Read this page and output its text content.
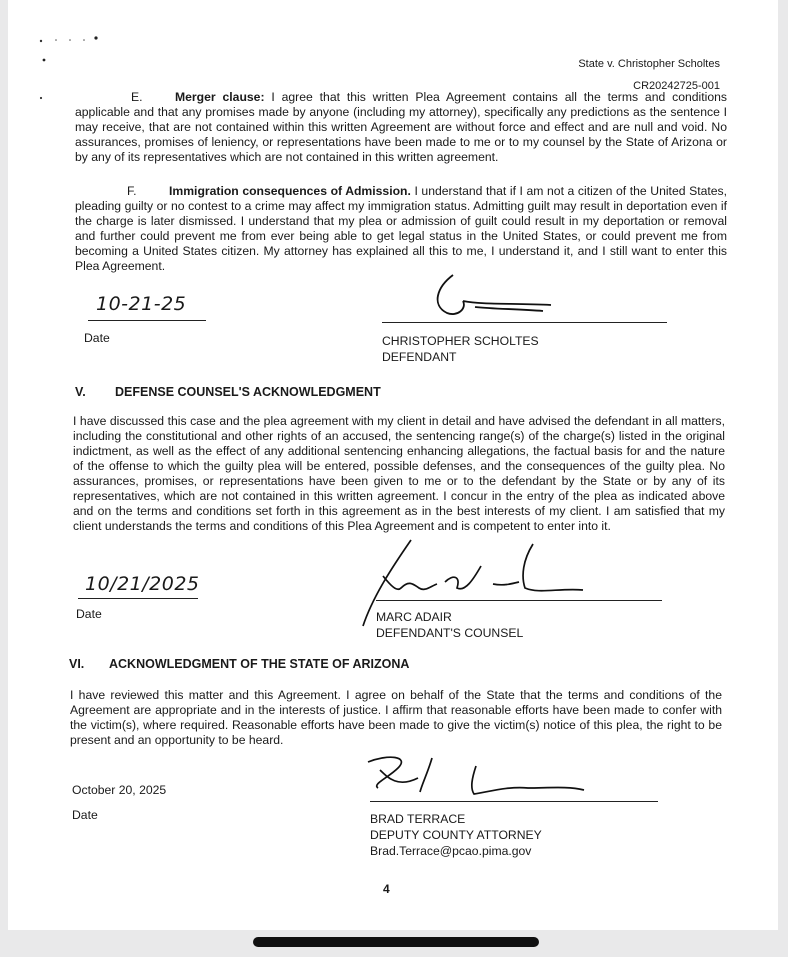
State v. Christopher Scholtes

CR20242725-001

E.	Merger clause: I agree that this written Plea Agreement contains all the terms and conditions applicable and that any promises made by anyone (including my attorney), specifically any predictions as the sentence I may receive, that are not contained within this written Agreement are without force and effect and are null and void. No assurances, promises of leniency, or representations have been made to me or to my counsel by the State of Arizona or by any of its representatives which are not contained in this written agreement.
F.	Immigration consequences of Admission. I understand that if I am not a citizen of the United States, pleading guilty or no contest to a crime may affect my immigration status. Admitting guilt may result in deportation even if the charge is later dismissed. I understand that my plea or admission of guilt could result in my deportation or removal and further could prevent me from ever being able to get legal status in the United States, or could prevent me from becoming a United States citizen. My attorney has explained all this to me, I understand it, and I still want to enter this Plea Agreement.
10-21-25
Date	CHRISTOPHER SCHOLTES
DEFENDANT
V. DEFENSE COUNSEL'S ACKNOWLEDGMENT
I have discussed this case and the plea agreement with my client in detail and have advised the defendant in all matters, including the constitutional and other rights of an accused, the sentencing range(s) of the charge(s) listed in the original indictment, as well as the effect of any additional sentencing enhancing allegations, the factual basis for and the nature of the offense to which the guilty plea will be entered, possible defenses, and the consequences of the guilty plea. No assurances, promises, or representations have been given to me or to the defendant by the State or by any of its representatives, which are not contained in this written agreement. I concur in the entry of the plea as indicated above and on the terms and conditions set forth in this agreement as in the best interests of my client. I am satisfied that my client understands the terms and conditions of this Plea Agreement and is competent to enter into it.
10/21/2025
Date	MARC ADAIR
DEFENDANT'S COUNSEL
VI. ACKNOWLEDGMENT OF THE STATE OF ARIZONA
I have reviewed this matter and this Agreement. I agree on behalf of the State that the terms and conditions of the Agreement are appropriate and in the interests of justice. I affirm that reasonable efforts have been made to confer with the victim(s), where required. Reasonable efforts have been made to give the victim(s) notice of this plea, the right to be present and an opportunity to be heard.
October 20, 2025
Date	BRAD TERRACE
DEPUTY COUNTY ATTORNEY
Brad.Terrace@pcao.pima.gov
4
